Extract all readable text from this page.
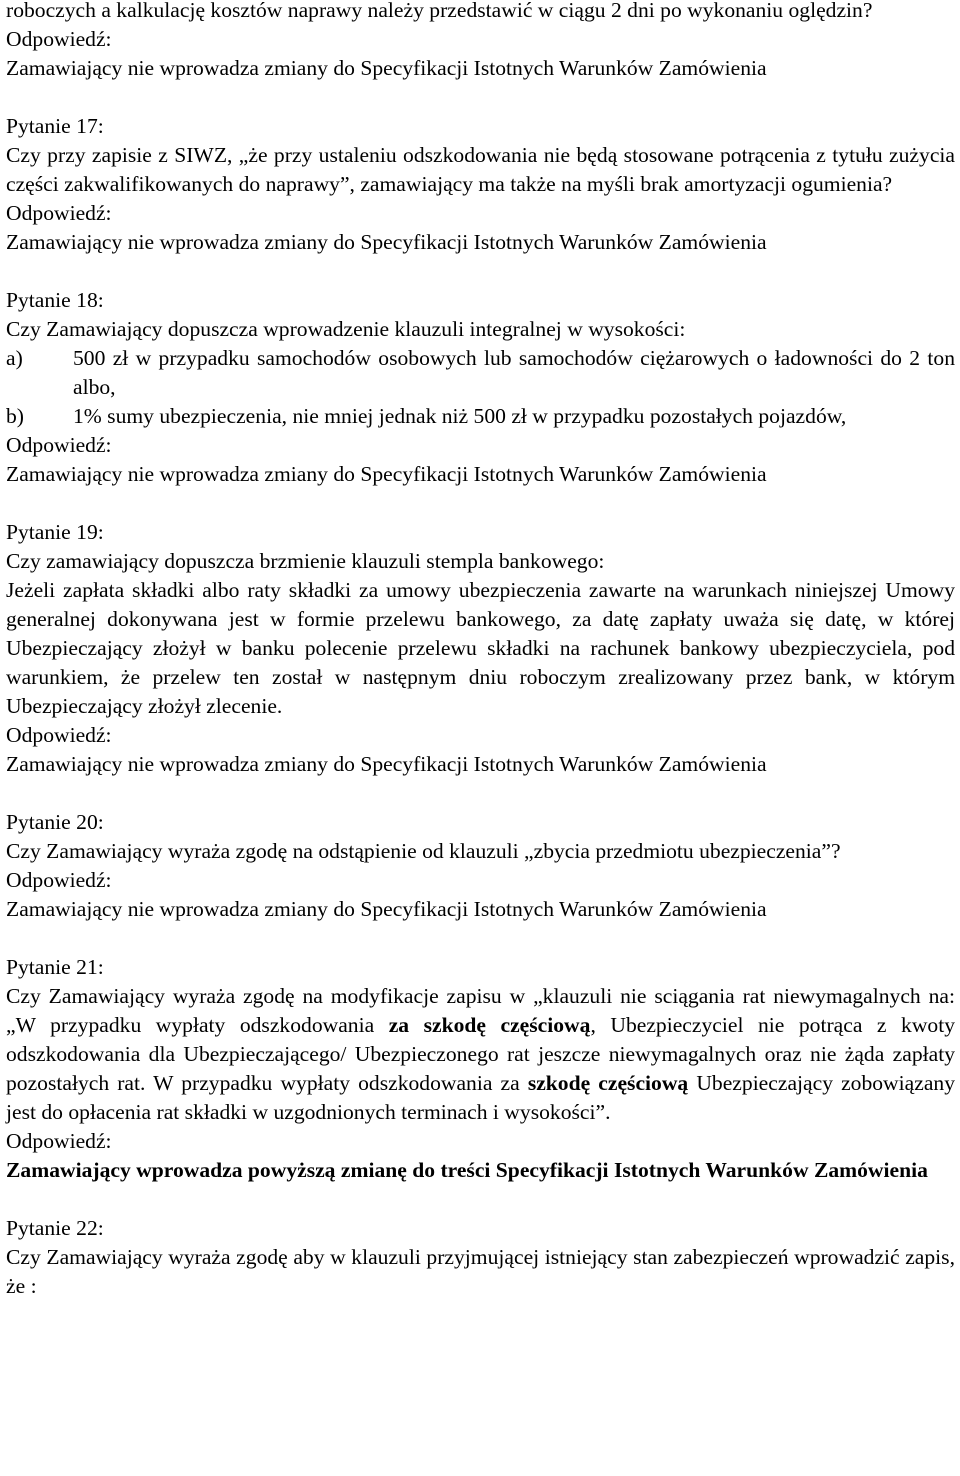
roboczych a kalkulację kosztów naprawy należy przedstawić w ciągu 2 dni po wykonaniu oględzin?

Odpowiedź:

Zamawiający nie wprowadza zmiany do Specyfikacji Istotnych Warunków Zamówienia

Pytanie 17:

Czy przy zapisie z SIWZ, „że przy ustaleniu odszkodowania nie będą stosowane potrącenia z tytułu zużycia części zakwalifikowanych do naprawy”, zamawiający ma także na myśli brak amortyzacji ogumienia?

Odpowiedź:

Zamawiający nie wprowadza zmiany do Specyfikacji Istotnych Warunków Zamówienia

Pytanie 18:

Czy Zamawiający dopuszcza wprowadzenie klauzuli integralnej w wysokości:

a) 500 zł w przypadku samochodów osobowych lub samochodów ciężarowych o ładowności do 2 ton albo,
b) 1% sumy ubezpieczenia, nie mniej jednak niż 500 zł w przypadku pozostałych pojazdów,

Odpowiedź:

Zamawiający nie wprowadza zmiany do Specyfikacji Istotnych Warunków Zamówienia

Pytanie 19:

Czy zamawiający dopuszcza brzmienie klauzuli stempla bankowego:

Jeżeli zapłata składki albo raty składki za umowy ubezpieczenia zawarte na warunkach niniejszej Umowy generalnej dokonywana jest w formie przelewu bankowego, za datę zapłaty uważa się datę, w której Ubezpieczający złożył w banku polecenie przelewu składki na rachunek bankowy ubezpieczyciela, pod warunkiem, że przelew ten został w następnym dniu roboczym zrealizowany przez bank, w którym Ubezpieczający złożył zlecenie.

Odpowiedź:

Zamawiający nie wprowadza zmiany do Specyfikacji Istotnych Warunków Zamówienia

Pytanie 20:

Czy Zamawiający wyraża zgodę na odstąpienie od klauzuli „zbycia przedmiotu ubezpieczenia”?

Odpowiedź:

Zamawiający nie wprowadza zmiany do Specyfikacji Istotnych Warunków Zamówienia

Pytanie 21:

Czy Zamawiający wyraża zgodę na modyfikacje zapisu w „klauzuli nie sciągania rat niewymagalnych na: „W przypadku wypłaty odszkodowania za szkodę częściową, Ubezpieczyciel nie potrąca z kwoty odszkodowania dla Ubezpieczającego/ Ubezpieczonego rat jeszcze niewymagalnych oraz nie żąda zapłaty pozostałych rat. W przypadku wypłaty odszkodowania za szkodę częściową Ubezpieczający zobowiązany jest do opłacenia rat składki w uzgodnionych terminach i wysokości”.

Odpowiedź:

Zamawiający wprowadza powyższą zmianę do treści Specyfikacji Istotnych Warunków Zamówienia

Pytanie 22:

Czy Zamawiający wyraża zgodę aby w klauzuli przyjmującej istniejący stan zabezpieczeń wprowadzić zapis, że :
